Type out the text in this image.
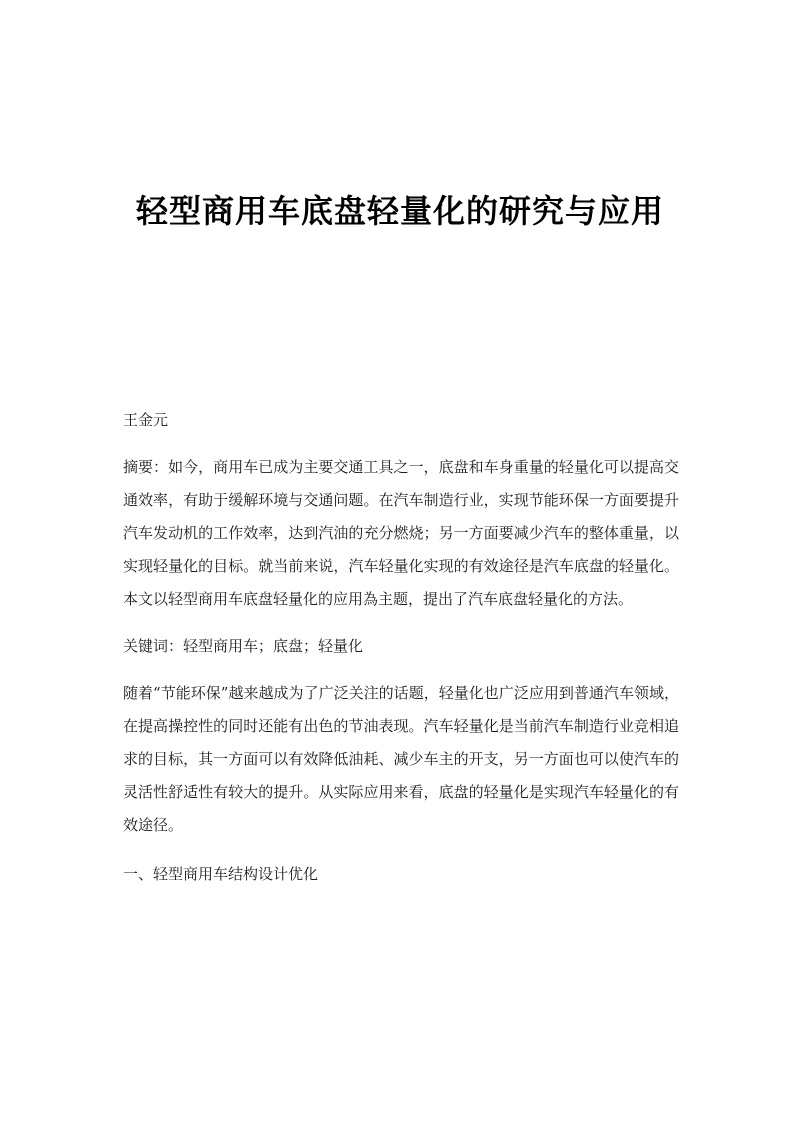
轻型商用车底盘轻量化的研究与应用
王金元
摘要：如今，商用车已成为主要交通工具之一，底盘和车身重量的轻量化可以提高交通效率，有助于缓解环境与交通问题。在汽车制造行业，实现节能环保一方面要提升汽车发动机的工作效率，达到汽油的充分燃烧；另一方面要减少汽车的整体重量，以实现轻量化的目标。就当前来说，汽车轻量化实现的有效途径是汽车底盘的轻量化。本文以轻型商用车底盘轻量化的应用為主题，提出了汽车底盘轻量化的方法。
关键词：轻型商用车；底盘；轻量化
随着“节能环保”越来越成为了广泛关注的话题，轻量化也广泛应用到普通汽车领域，在提高操控性的同时还能有出色的节油表现。汽车轻量化是当前汽车制造行业竞相追求的目标，其一方面可以有效降低油耗、减少车主的开支，另一方面也可以使汽车的灵活性舒适性有较大的提升。从实际应用来看，底盘的轻量化是实现汽车轻量化的有效途径。
一、轻型商用车结构设计优化
